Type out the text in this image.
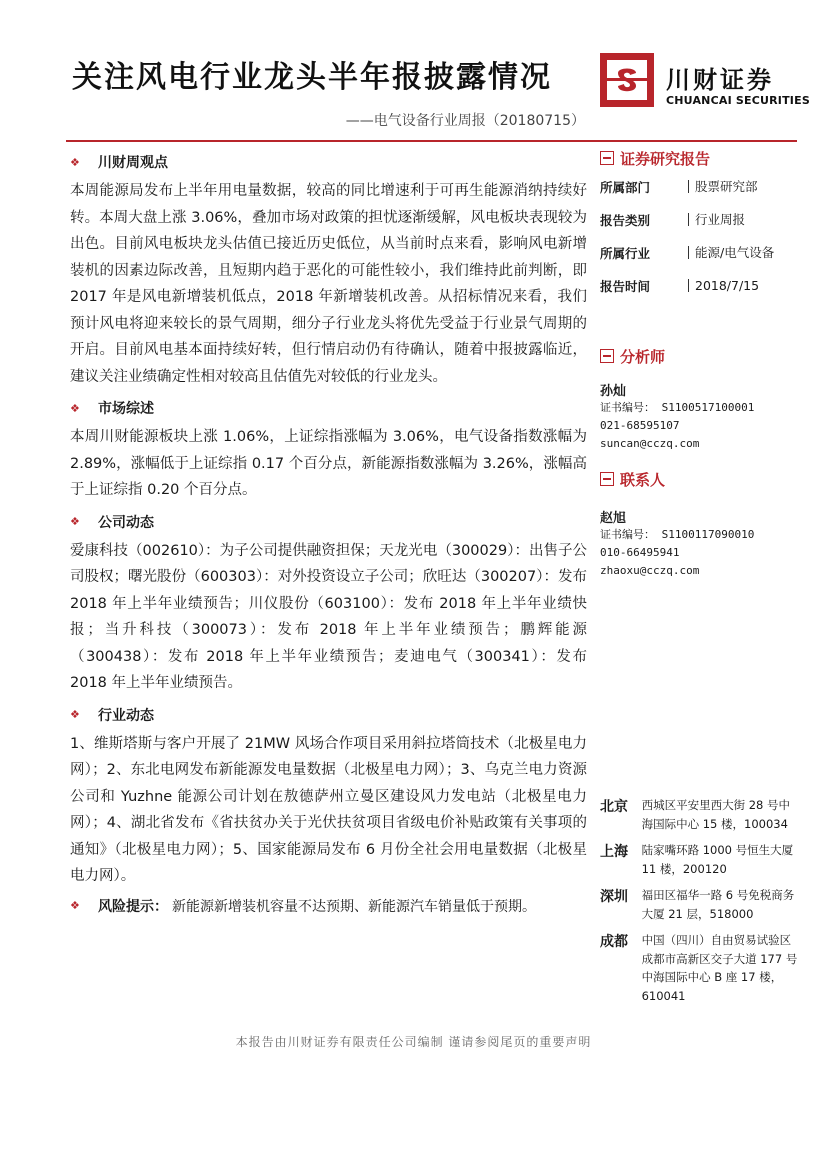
关注风电行业龙头半年报披露情况
——电气设备行业周报（20180715）
川财证券
CHUANCAI SECURITIES
❖	川财周观点
本周能源局发布上半年用电量数据，较高的同比增速利于可再生能源消纳持续好转。本周大盘上涨 3.06%，叠加市场对政策的担忧逐渐缓解，风电板块表现较为出色。目前风电板块龙头估值已接近历史低位，从当前时点来看，影响风电新增装机的因素边际改善，且短期内趋于恶化的可能性较小，我们维持此前判断，即 2017 年是风电新增装机低点，2018 年新增装机改善。从招标情况来看，我们预计风电将迎来较长的景气周期，细分子行业龙头将优先受益于行业景气周期的开启。目前风电基本面持续好转，但行情启动仍有待确认，随着中报披露临近，建议关注业绩确定性相对较高且估值先对较低的行业龙头。
❖	市场综述
本周川财能源板块上涨 1.06%，上证综指涨幅为 3.06%，电气设备指数涨幅为 2.89%，涨幅低于上证综指 0.17 个百分点，新能源指数涨幅为 3.26%，涨幅高于上证综指 0.20 个百分点。
❖	公司动态
爱康科技（002610）：为子公司提供融资担保；天龙光电（300029）：出售子公司股权；曙光股份（600303）：对外投资设立子公司；欣旺达（300207）：发布 2018 年上半年业绩预告；川仪股份（603100）：发布 2018 年上半年业绩快报；当升科技（300073）：发布 2018 年上半年业绩预告；鹏辉能源（300438）：发布 2018 年上半年业绩预告；麦迪电气（300341）：发布 2018 年上半年业绩预告。
❖	行业动态
1、维斯塔斯与客户开展了 21MW 风场合作项目采用斜拉塔筒技术（北极星电力网）；2、东北电网发布新能源发电量数据（北极星电力网）；3、乌克兰电力资源公司和 Yuzhne 能源公司计划在敖德萨州立曼区建设风力发电站（北极星电力网）；4、湖北省发布《省扶贫办关于光伏扶贫项目省级电价补贴政策有关事项的通知》（北极星电力网）；5、国家能源局发布 6 月份全社会用电量数据（北极星电力网）。
❖	风险提示： 新能源新增装机容量不达预期、新能源汽车销量低于预期。
证券研究报告
所属部门	股票研究部
报告类别	行业周报
所属行业	能源/电气设备
报告时间	2018/7/15
分析师
孙灿
证书编号： S1100517100001
021-68595107
suncan@cczq.com
联系人
赵旭
证书编号： S1100117090010
010-66495941
zhaoxu@cczq.com
北京	西城区平安里西大街 28 号中海国际中心 15 楼，100034
上海	陆家嘴环路 1000 号恒生大厦 11 楼，200120
深圳	福田区福华一路 6 号免税商务大厦 21 层，518000
成都	中国（四川）自由贸易试验区成都市高新区交子大道 177 号中海国际中心 B 座 17 楼，610041
本报告由川财证券有限责任公司编制 谨请参阅尾页的重要声明
